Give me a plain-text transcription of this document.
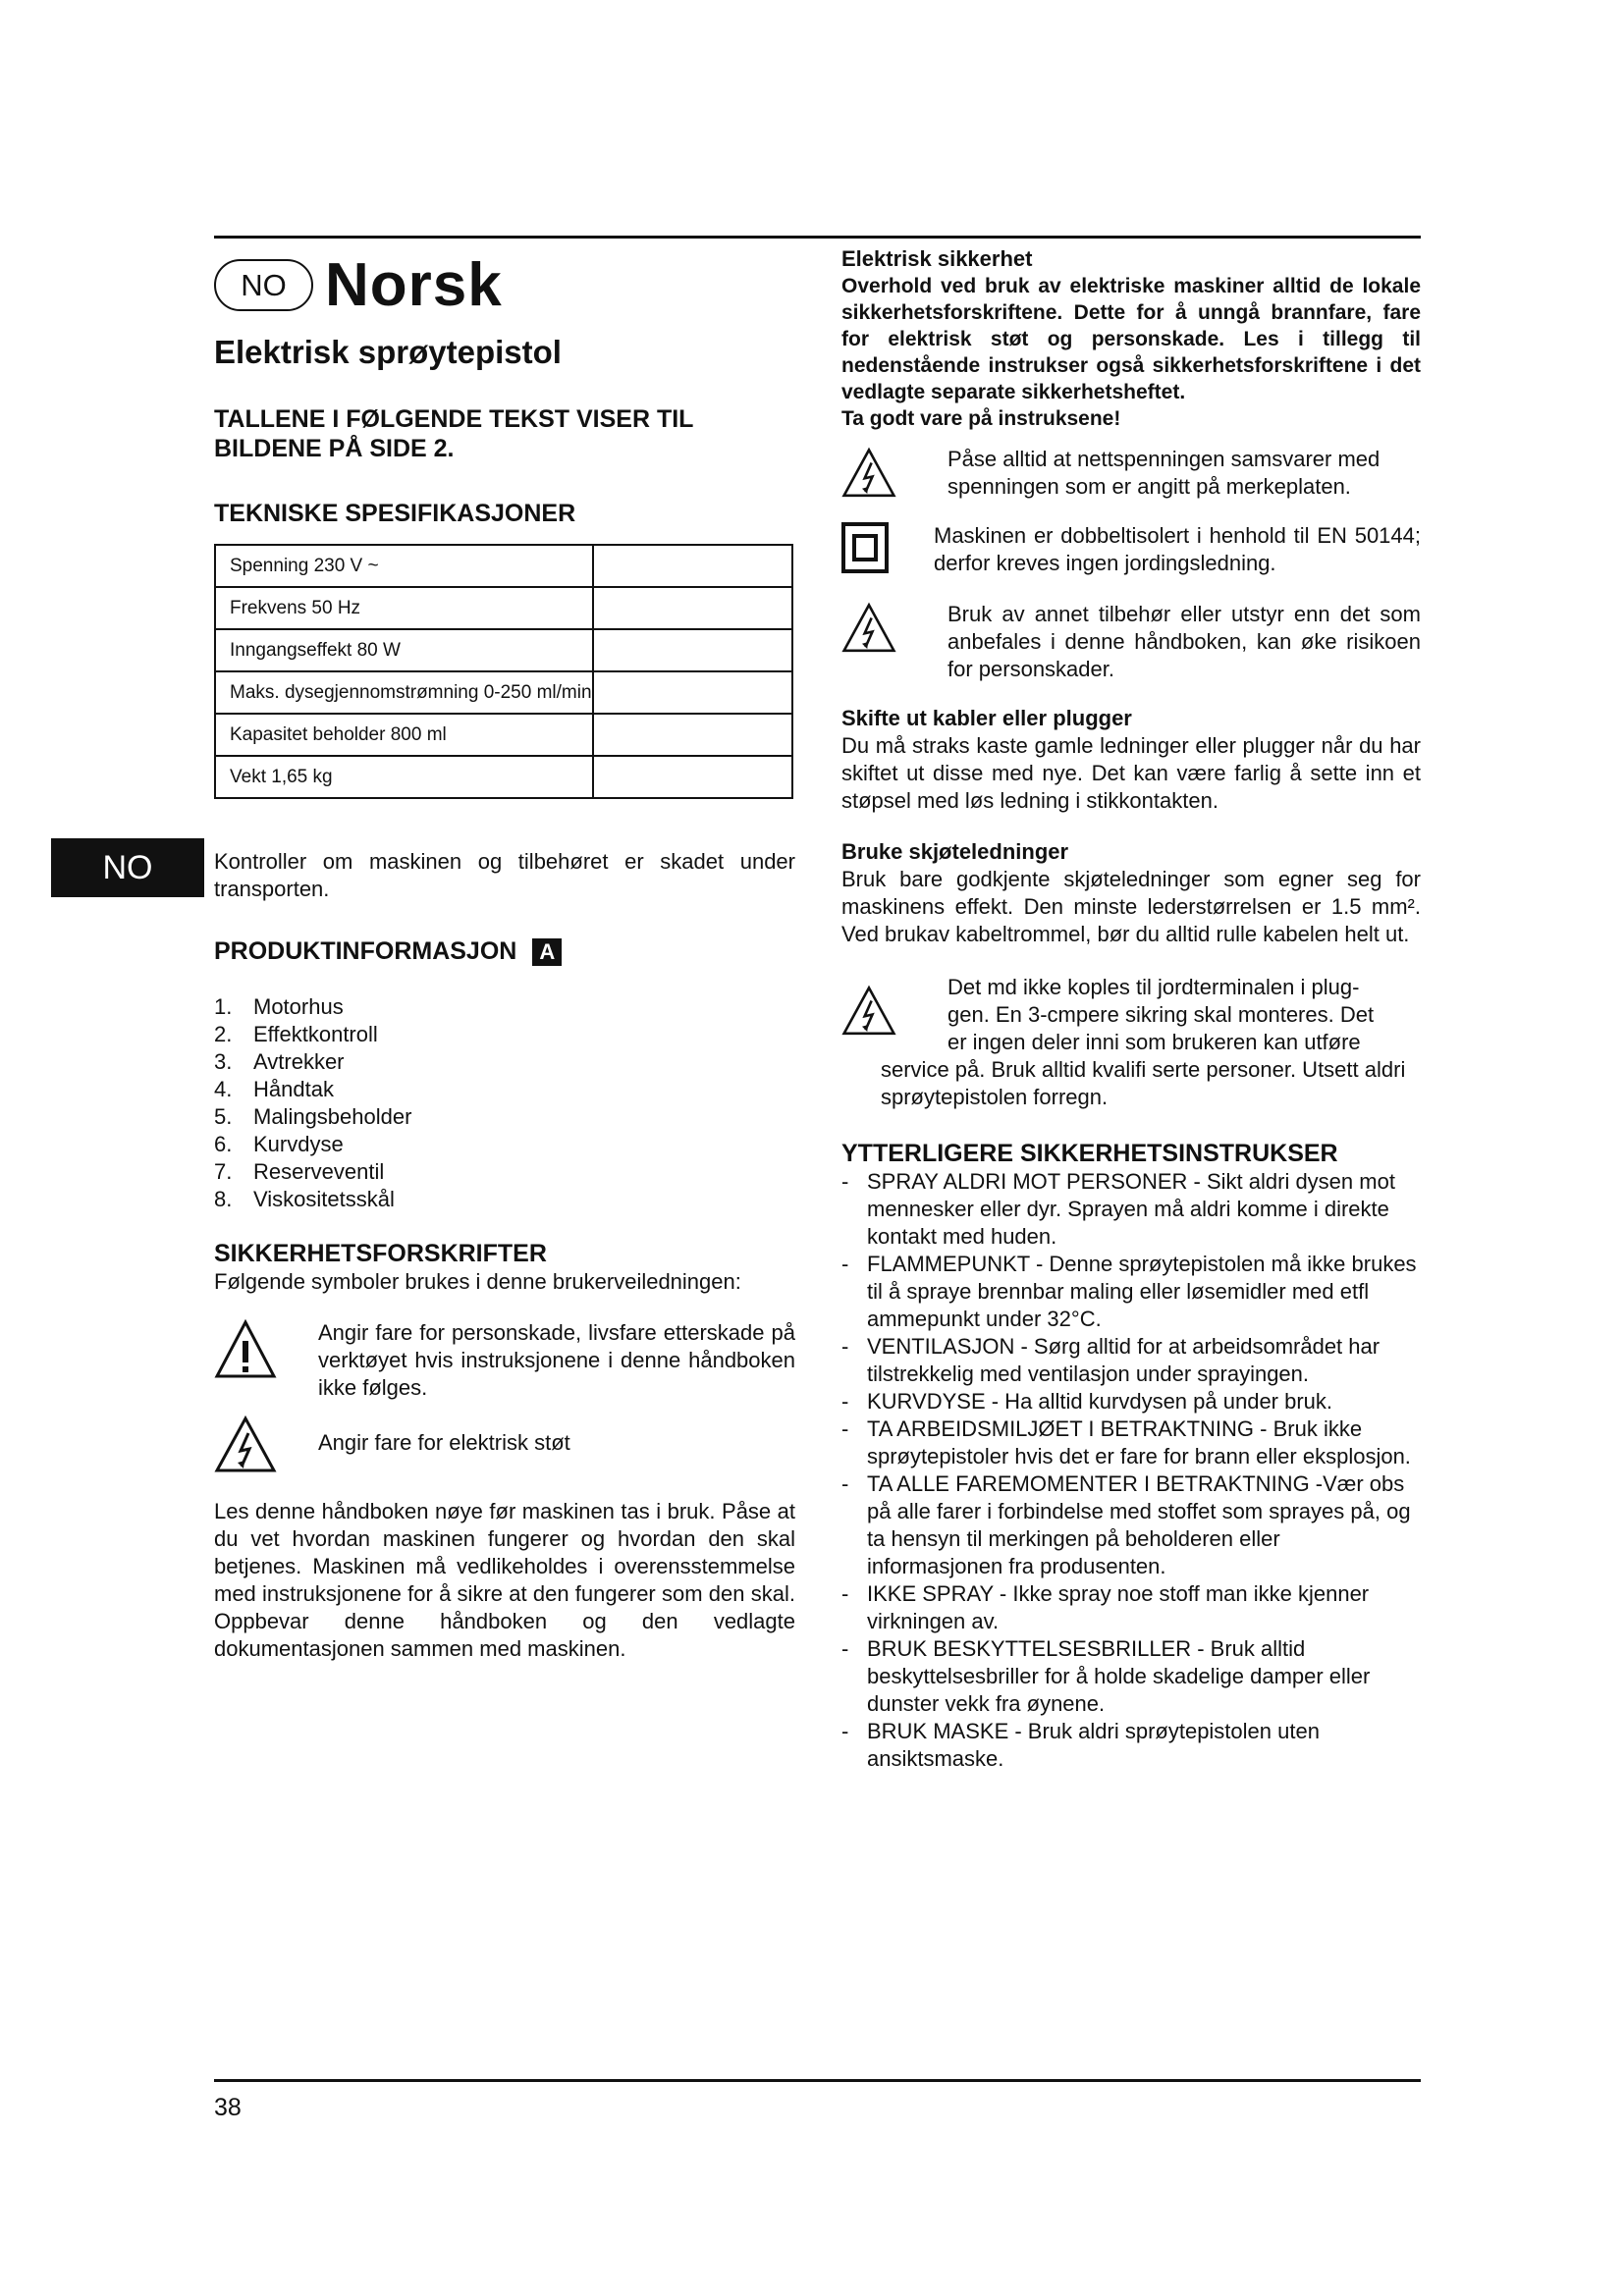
NO
NO Norsk
Elektrisk sprøytepistol
TALLENE I FØLGENDE TEKST VISER TIL BILDENE PÅ SIDE 2.
TEKNISKE SPESIFIKASJONER
Spenning 230 V ~	
Frekvens 50 Hz	
Inngangseffekt 80 W	
Maks. dysegjennomstrømning 0-250 ml/min	
Kapasitet beholder 800 ml	
Vekt 1,65 kg	

Kontroller om maskinen og tilbehøret er skadet under transporten.

PRODUKTINFORMASJON A
1. Motorhus
2. Effektkontroll
3. Avtrekker
4. Håndtak
5. Malingsbeholder
6. Kurvdyse
7. Reserveventil
8. Viskositetsskål
SIKKERHETSFORSKRIFTER

Følgende symboler brukes i denne brukerveiledningen:

Angir fare for personskade, livsfare etterskade på verktøyet hvis instruksjonene i denne håndboken ikke følges.

Angir fare for elektrisk støt

Les denne håndboken nøye før maskinen tas i bruk. Påse at du vet hvordan maskinen fungerer og hvordan den skal betjenes. Maskinen må vedlikeholdes i overensstemmelse med instruksjonene for å sikre at den fungerer som den skal. Oppbevar denne håndboken og den vedlagte dokumentasjonen sammen med maskinen.

Elektrisk sikkerhet

Overhold ved bruk av elektriske maskiner alltid de lokale sikkerhetsforskriftene. Dette for å unngå brannfare, fare for elektrisk støt og personskade. Les i tillegg til nedenstående instrukser også sikkerhetsforskriftene i det vedlagte separate sikkerhetsheftet.

Ta godt vare på instruksene!

Påse alltid at nettspenningen samsvarer med spenningen som er angitt på merkeplaten.

Maskinen er dobbeltisolert i henhold til EN 50144; derfor kreves ingen jordingsledning.

Bruk av annet tilbehør eller utstyr enn det som anbefales i denne håndboken, kan øke risikoen for personskader.

Skifte ut kabler eller plugger

Du må straks kaste gamle ledninger eller plugger når du har skiftet ut disse med nye. Det kan være farlig å sette inn et støpsel med løs ledning i stikkontakten.

Bruke skjøteledninger

Bruk bare godkjente skjøteledninger som egner seg for maskinens effekt. Den minste lederstørrelsen er 1.5 mm². Ved brukav kabeltrommel, bør du alltid rulle kabelen helt ut.

Det md ikke koples til jordterminalen i plug-

gen. En 3-cmpere sikring skal monteres. Det

er ingen deler inni som brukeren kan utføre

service på. Bruk alltid kvalifi serte personer. Utsett aldri sprøytepistolen forregn.

YTTERLIGERE SIKKERHETSINSTRUKSER
- SPRAY ALDRI MOT PERSONER - Sikt aldri dysen mot mennesker eller dyr. Sprayen må aldri komme i direkte kontakt med huden.
- FLAMMEPUNKT - Denne sprøytepistolen må ikke brukes til å spraye brennbar maling eller løsemidler med etfl ammepunkt under 32°C.
- VENTILASJON - Sørg alltid for at arbeidsområdet har tilstrekkelig med ventilasjon under sprayingen.
- KURVDYSE - Ha alltid kurvdysen på under bruk.
- TA ARBEIDSMILJØET I BETRAKTNING - Bruk ikke sprøytepistoler hvis det er fare for brann eller eksplosjon.
- TA ALLE FAREMOMENTER I BETRAKTNING -Vær obs på alle farer i forbindelse med stoffet som sprayes på, og ta hensyn til merkingen på beholderen eller informasjonen fra produsenten.
- IKKE SPRAY - Ikke spray noe stoff man ikke kjenner virkningen av.
- BRUK BESKYTTELSESBRILLER - Bruk alltid beskyttelsesbriller for å holde skadelige damper eller dunster vekk fra øynene.
- BRUK MASKE - Bruk aldri sprøytepistolen uten ansiktsmaske.
38
